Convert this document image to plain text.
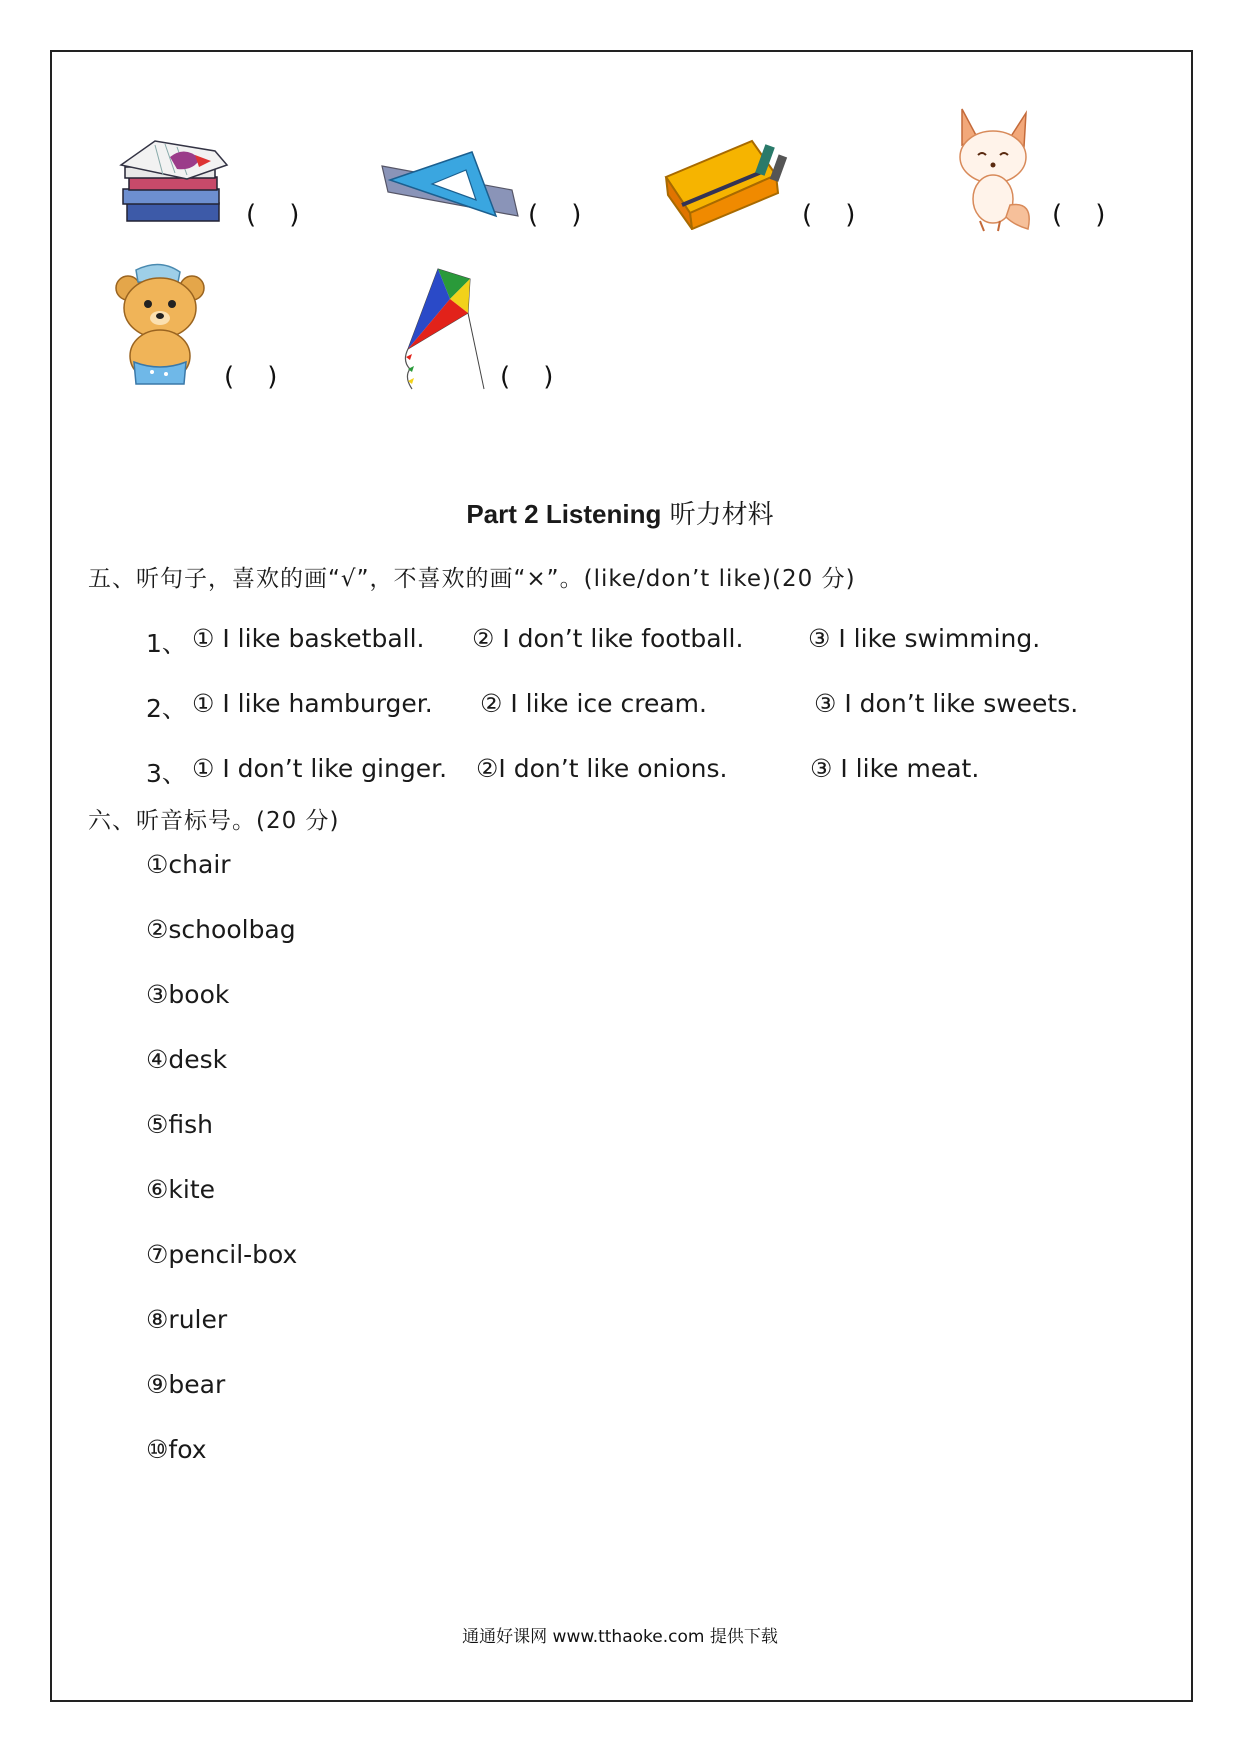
(    )	(    )	(    )	(    )
(    )	(    )
Part 2 Listening 听力材料
五、听句子，喜欢的画“√”，不喜欢的画“×”。(like/don’t like)(20 分)
1、 ① I like basketball. ② I don’t like football.	③ I like swimming.
2、 ① I like hamburger. ② I like ice cream.	③ I don’t like sweets.
3、 ① I don’t like ginger. ②I don’t like onions.	③ I like meat.
六、听音标号。(20 分)
①chair
②schoolbag
③book
④desk
⑤fish
⑥kite
⑦pencil-box
⑧ruler
⑨bear
⑩fox
通通好课网 www.tthaoke.com 提供下载
